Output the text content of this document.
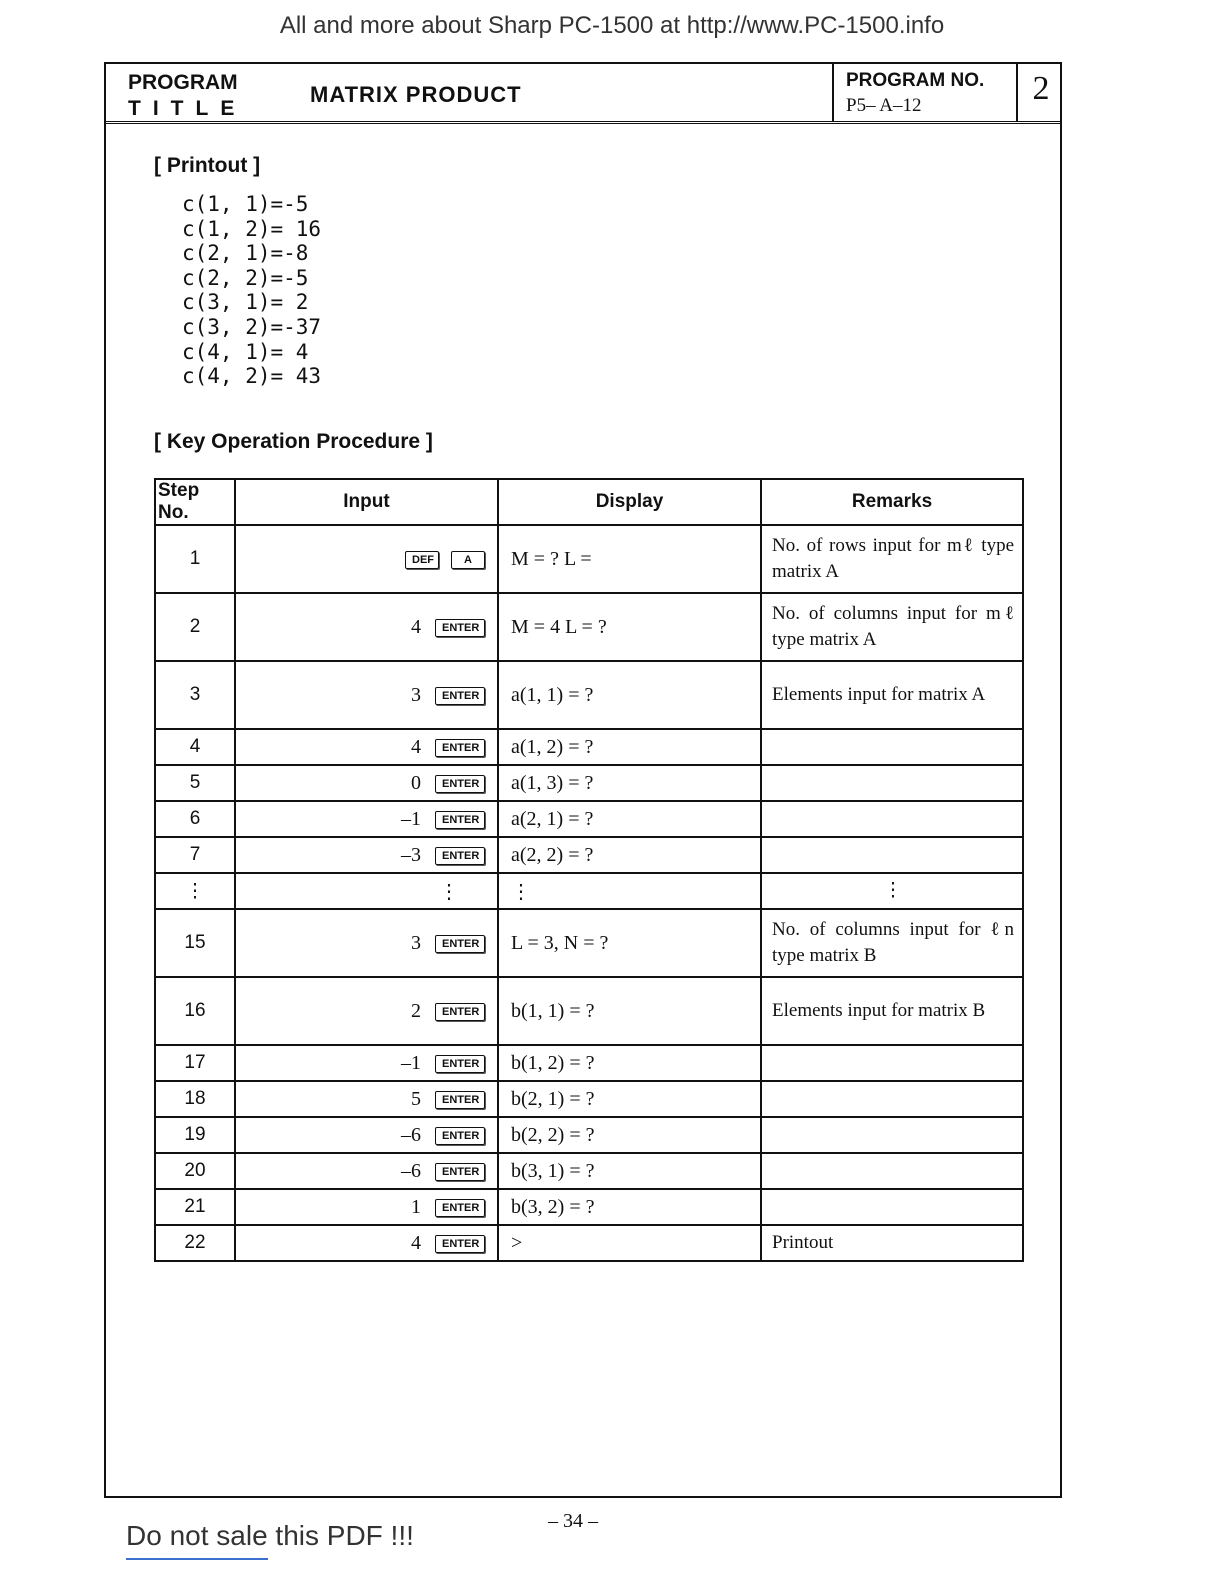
All and more about Sharp PC-1500 at http://www.PC-1500.info
PROGRAM
TITLE
MATRIX PRODUCT
PROGRAM NO.
P5– A–12	2
[ Printout ]
c(1, 1)=-5
c(1, 2)= 16
c(2, 1)=-8
c(2, 2)=-5
c(3, 1)= 2
c(3, 2)=-37
c(4, 1)= 4
c(4, 2)= 43
[ Key Operation Procedure ]
Step No.	Input	Display	Remarks
1	DEF A	M = ? L =	No. of rows input for mℓ type matrix A
2	4 ENTER	M = 4 L = ?	No. of columns input for mℓ type matrix A
3	3 ENTER	a(1, 1) = ?	Elements input for matrix A
4	4 ENTER	a(1, 2) = ?	
5	0 ENTER	a(1, 3) = ?	
6	–1 ENTER	a(2, 1) = ?	
7	–3 ENTER	a(2, 2) = ?	
⋮	⋮	⋮	⋮
15	3 ENTER	L = 3, N = ?	No. of columns input for ℓn type matrix B
16	2 ENTER	b(1, 1) = ?	Elements input for matrix B
17	–1 ENTER	b(1, 2) = ?	
18	5 ENTER	b(2, 1) = ?	
19	–6 ENTER	b(2, 2) = ?	
20	–6 ENTER	b(3, 1) = ?	
21	1 ENTER	b(3, 2) = ?	
22	4 ENTER	>	Printout
– 34 –
Do not sale this PDF !!!
